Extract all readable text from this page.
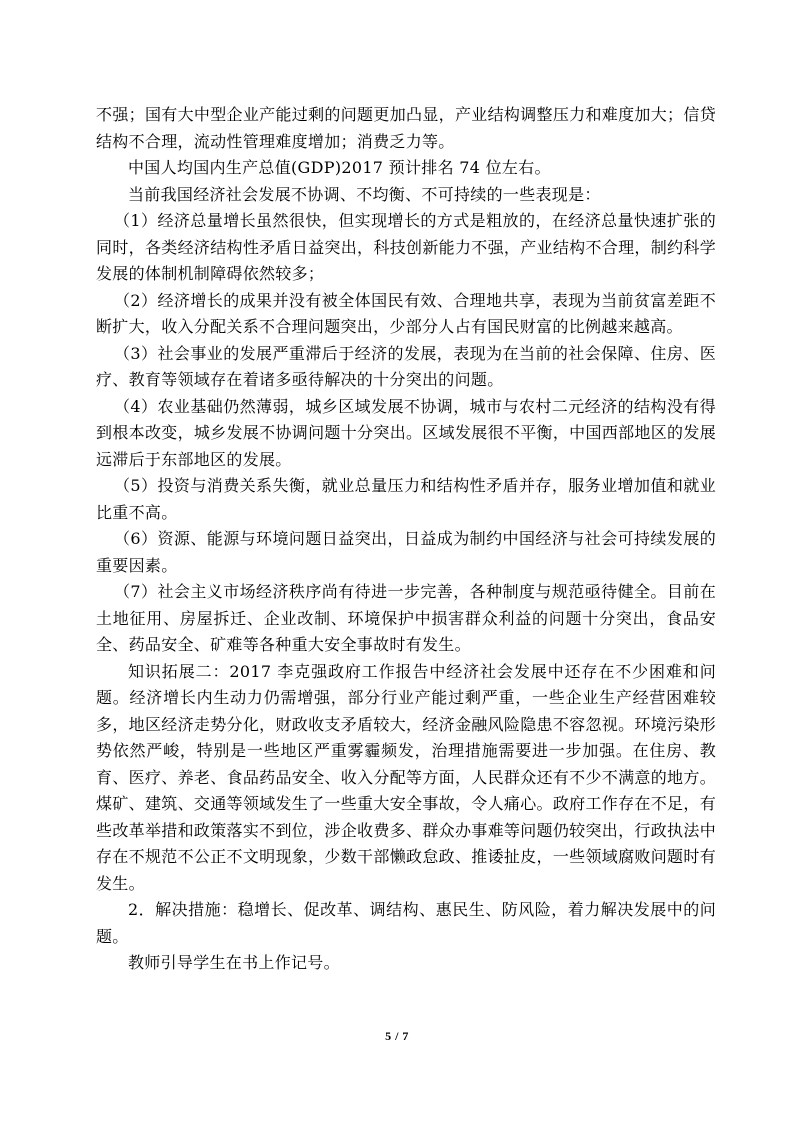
不强；国有大中型企业产能过剩的问题更加凸显，产业结构调整压力和难度加大；信贷结构不合理，流动性管理难度增加；消费乏力等。

中国人均国内生产总值(GDP)2017 预计排名 74 位左右。

当前我国经济社会发展不协调、不均衡、不可持续的一些表现是：

（1）经济总量增长虽然很快，但实现增长的方式是粗放的，在经济总量快速扩张的同时，各类经济结构性矛盾日益突出，科技创新能力不强，产业结构不合理，制约科学发展的体制机制障碍依然较多；

（2）经济增长的成果并没有被全体国民有效、合理地共享，表现为当前贫富差距不断扩大，收入分配关系不合理问题突出，少部分人占有国民财富的比例越来越高。

（3）社会事业的发展严重滞后于经济的发展，表现为在当前的社会保障、住房、医疗、教育等领域存在着诸多亟待解决的十分突出的问题。

（4）农业基础仍然薄弱，城乡区域发展不协调，城市与农村二元经济的结构没有得到根本改变，城乡发展不协调问题十分突出。区域发展很不平衡，中国西部地区的发展远滞后于东部地区的发展。

（5）投资与消费关系失衡，就业总量压力和结构性矛盾并存，服务业增加值和就业比重不高。

（6）资源、能源与环境问题日益突出，日益成为制约中国经济与社会可持续发展的重要因素。

（7）社会主义市场经济秩序尚有待进一步完善，各种制度与规范亟待健全。目前在土地征用、房屋拆迁、企业改制、环境保护中损害群众利益的问题十分突出，食品安全、药品安全、矿难等各种重大安全事故时有发生。

知识拓展二：2017 李克强政府工作报告中经济社会发展中还存在不少困难和问题。经济增长内生动力仍需增强，部分行业产能过剩严重，一些企业生产经营困难较多，地区经济走势分化，财政收支矛盾较大，经济金融风险隐患不容忽视。环境污染形势依然严峻，特别是一些地区严重雾霾频发，治理措施需要进一步加强。在住房、教育、医疗、养老、食品药品安全、收入分配等方面，人民群众还有不少不满意的地方。煤矿、建筑、交通等领域发生了一些重大安全事故，令人痛心。政府工作存在不足，有些改革举措和政策落实不到位，涉企收费多、群众办事难等问题仍较突出，行政执法中存在不规范不公正不文明现象，少数干部懒政怠政、推诿扯皮，一些领域腐败问题时有发生。

2．解决措施：稳增长、促改革、调结构、惠民生、防风险，着力解决发展中的问题。

教师引导学生在书上作记号。

5 / 7
